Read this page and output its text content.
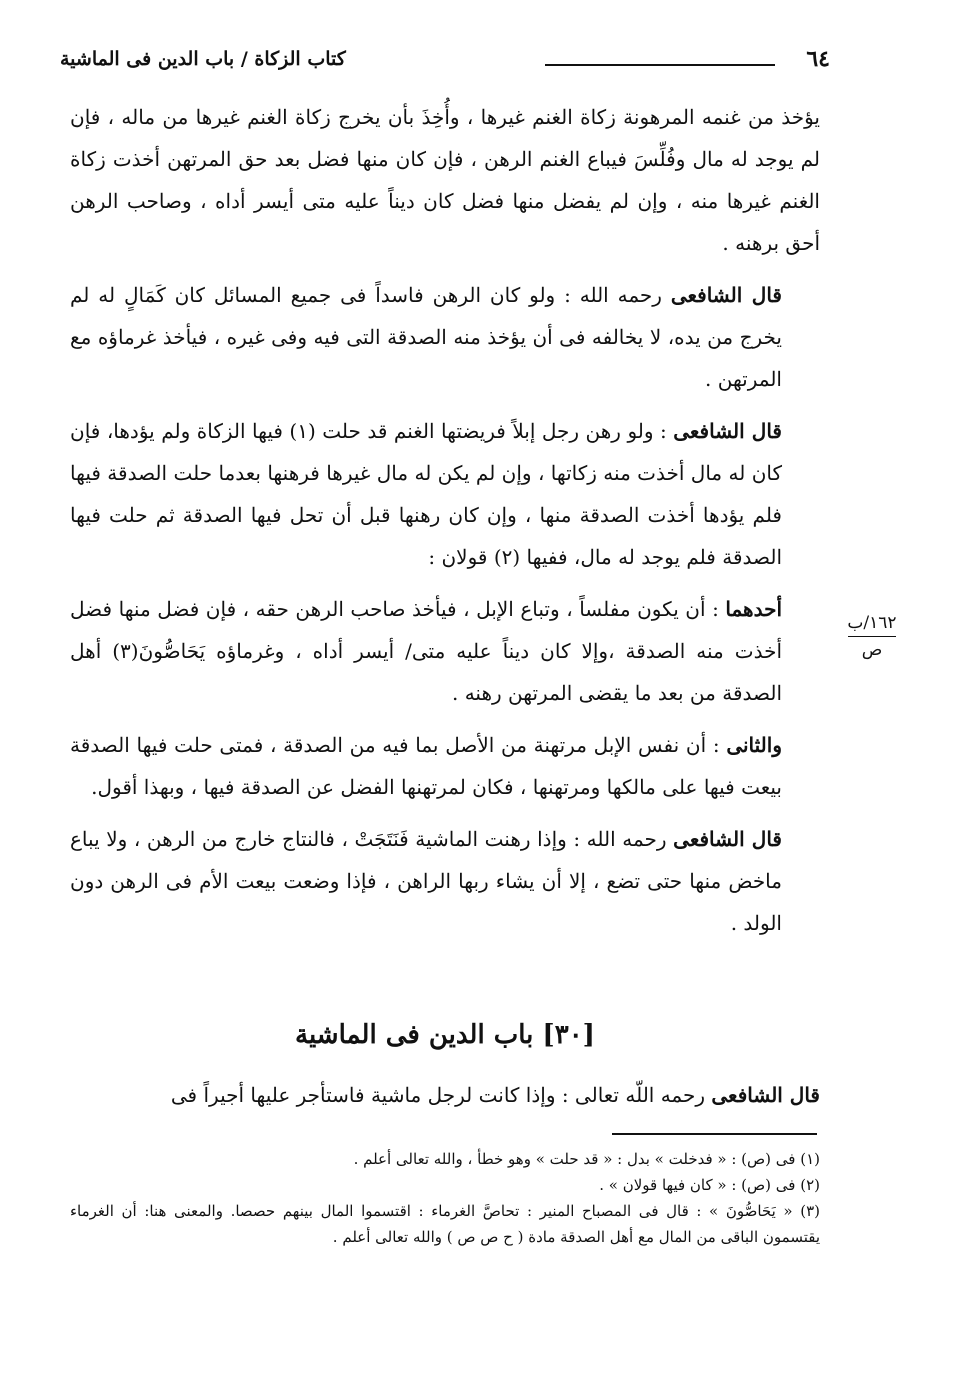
٦٤
كتاب الزكاة / باب الدين فى الماشية

يؤخذ من غنمه المرهونة زكاة الغنم غيرها ، وأُخِذَ بأن يخرج زكاة الغنم غيرها من ماله ، فإن لم يوجد له مال وفُلِّسَ فيباع الغنم الرهن ، فإن كان منها فضل بعد حق المرتهن أخذت زكاة الغنم غيرها منه ، وإن لم يفضل منها فضل كان ديناً عليه متى أيسر أداه ، وصاحب الرهن أحق برهنه .

قال الشافعى رحمه الله : ولو كان الرهن فاسداً فى جميع المسائل كان كَمَالٍ له لم يخرج من يده، لا يخالفه فى أن يؤخذ منه الصدقة التى فيه وفى غيره ، فيأخذ غرماؤه مع المرتهن .

قال الشافعى : ولو رهن رجل إبلاً فريضتها الغنم قد حلت (١) فيها الزكاة ولم يؤدها، فإن كان له مال أخذت منه زكاتها ، وإن لم يكن له مال غيرها فرهنها بعدما حلت الصدقة فيها فلم يؤدها أخذت الصدقة منها ، وإن كان رهنها قبل أن تحل فيها الصدقة ثم حلت فيها الصدقة فلم يوجد له مال، ففيها (٢) قولان :

أحدهما : أن يكون مفلساً ، وتباع الإبل ، فيأخذ صاحب الرهن حقه ، فإن فضل منها فضل أخذت منه الصدقة ،وإلا كان ديناً عليه متى/ أيسر أداه ، وغرماؤه يَحَاصُّونَ(٣) أهل الصدقة من بعد ما يقضى المرتهن رهنه .

والثانى : أن نفس الإبل مرتهنة من الأصل بما فيه من الصدقة ، فمتى حلت فيها الصدقة بيعت فيها على مالكها ومرتهنها ، فكان لمرتهنها الفضل عن الصدقة فيها ، وبهذا أقول.

قال الشافعى رحمه الله : وإذا رهنت الماشية فَنَتَجَتْ ، فالنتاج خارج من الرهن ، ولا يباع ماخض منها حتى تضع ، إلا أن يشاء ربها الراهن ، فإذا وضعت بيعت الأم فى الرهن دون الولد .

١٦٢/ب
ص
[٣٠] باب الدين فى الماشية

قال الشافعى رحمه اللّه تعالى : وإذا كانت لرجل ماشية فاستأجر عليها أجيراً فى

(١) فى (ص) : « فدخلت » بدل : « قد حلت » وهو خطأ ، والله تعالى أعلم .

(٢) فى (ص) : « كان فيها قولان » .

(٣) « يَحَاصُّونَ » : قال فى المصباح المنير : تحاصَّ الغرماء : اقتسموا المال بينهم حصصا. والمعنى هنا: أن الغرماء يقتسمون الباقى من المال مع أهل الصدقة مادة ( ح ص ص ) والله تعالى أعلم .
